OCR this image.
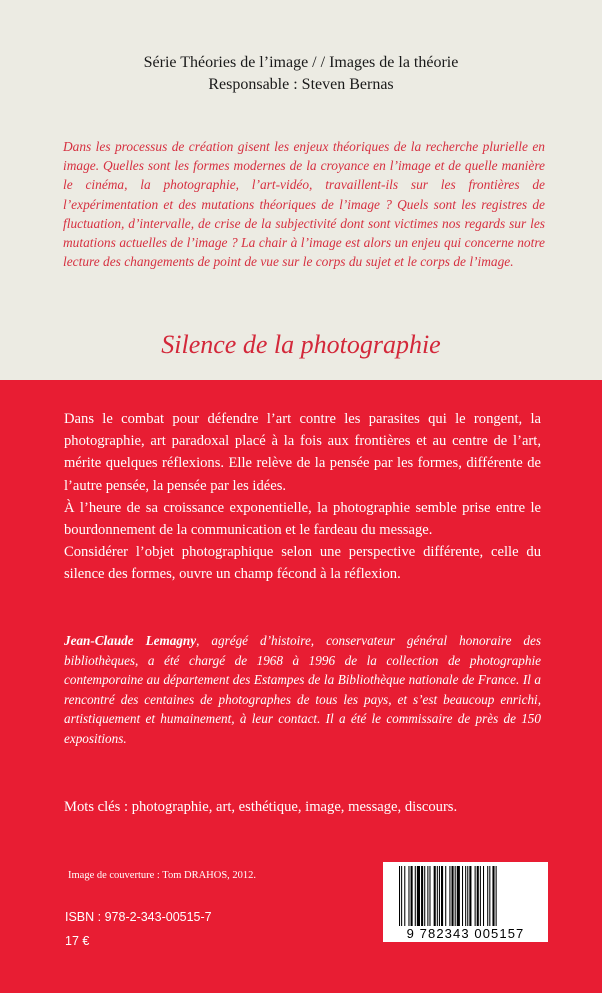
Série Théories de l’image / / Images de la théorie
Responsable : Steven Bernas

Dans les processus de création gisent les enjeux théoriques de la recherche plurielle en image. Quelles sont les formes modernes de la croyance en l’image et de quelle manière le cinéma, la photographie, l’art-vidéo, travaillent-ils sur les frontières de l’expérimentation et des mutations théoriques de l’image ? Quels sont les registres de fluctuation, d’intervalle, de crise de la subjectivité dont sont victimes nos regards sur les mutations actuelles de l’image ? La chair à l’image est alors un enjeu qui concerne notre lecture des changements de point de vue sur le corps du sujet et le corps de l’image.

Silence de la photographie

Dans le combat pour défendre l’art contre les parasites qui le rongent, la photographie, art paradoxal placé à la fois aux frontières et au centre de l’art, mérite quelques réflexions. Elle relève de la pensée par les formes, différente de l’autre pensée, la pensée par les idées.

À l’heure de sa croissance exponentielle, la photographie semble prise entre le bourdonnement de la communication et le fardeau du message.

Considérer l’objet photographique selon une perspective différente, celle du silence des formes, ouvre un champ fécond à la réflexion.

Jean-Claude Lemagny, agrégé d’histoire, conservateur général honoraire des bibliothèques, a été chargé de 1968 à 1996 de la collection de photographie contemporaine au département des Estampes de la Bibliothèque nationale de France. Il a rencontré des centaines de photographes de tous les pays, et s’est beaucoup enrichi, artistiquement et humainement, à leur contact. Il a été le commissaire de près de 150 expositions.

Mots clés : photographie, art, esthétique, image, message, discours.

Image de couverture : Tom DRAHOS, 2012.
ISBN : 978-2-343-00515-7
17 €	9 782343 005157
